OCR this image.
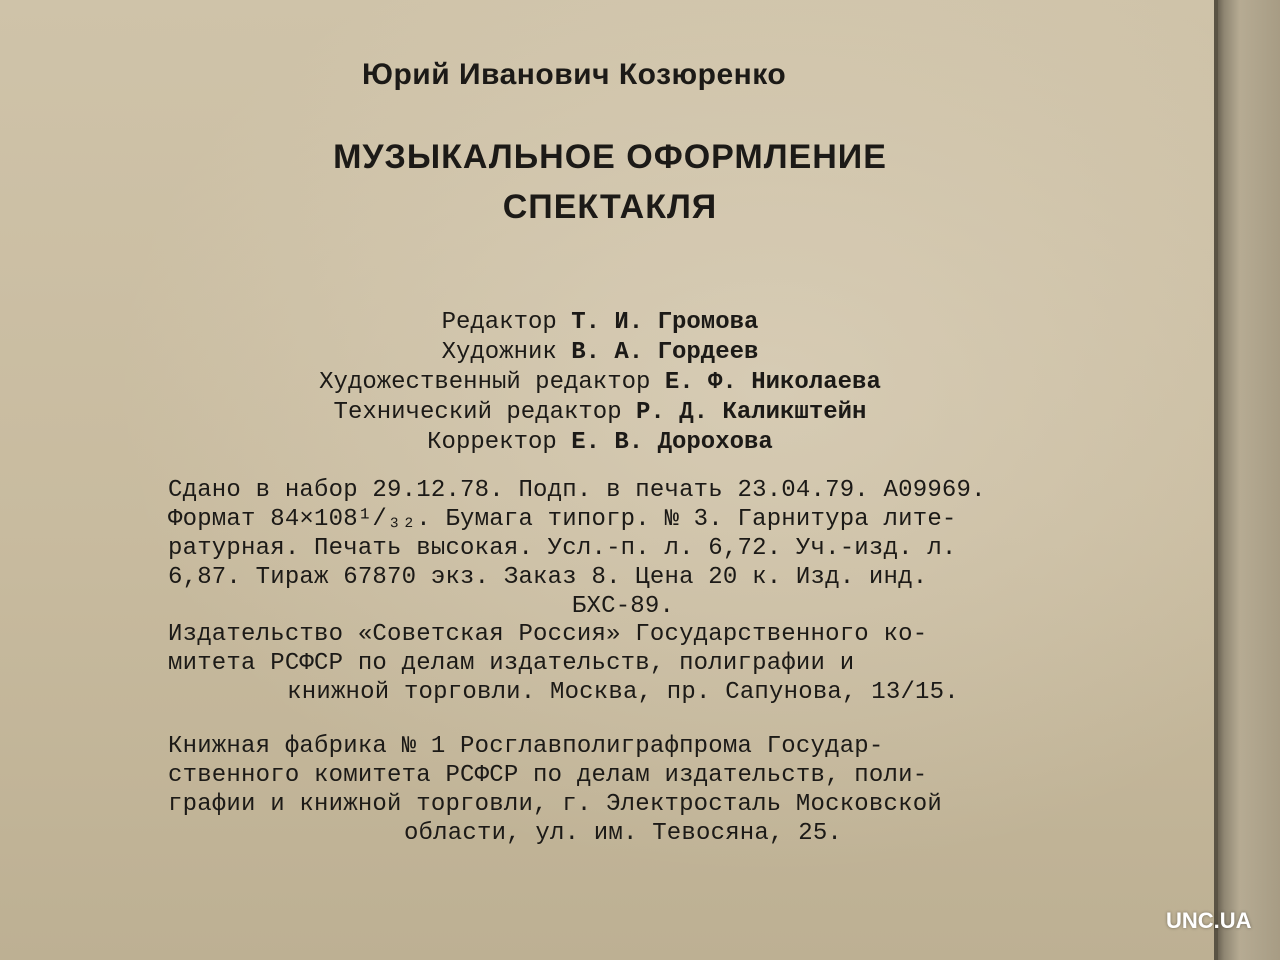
Юрий Иванович Козюренко
МУЗЫКАЛЬНОЕ ОФОРМЛЕНИЕ
СПЕКТАКЛЯ
Редактор Т. И. Громова
Художник В. А. Гордеев
Художественный редактор Е. Ф. Николаева
Технический редактор Р. Д. Каликштейн
Корректор Е. В. Дорохова
Сдано в набор 29.12.78. Подп. в печать 23.04.79. А09969.
Формат 84×108¹/₃₂. Бумага типогр. № 3. Гарнитура лите-
ратурная. Печать высокая. Усл.-п. л. 6,72. Уч.-изд. л.
6,87. Тираж 67870 экз. Заказ 8. Цена 20 к. Изд. инд.
БХС-89.
Издательство «Советская Россия» Государственного ко-
митета РСФСР по делам издательств, полиграфии и
книжной торговли. Москва, пр. Сапунова, 13/15.
Книжная фабрика № 1 Росглавполиграфпрома Государ-
ственного комитета РСФСР по делам издательств, поли-
графии и книжной торговли, г. Электросталь Московской
области, ул. им. Тевосяна, 25.
UNC.UA
